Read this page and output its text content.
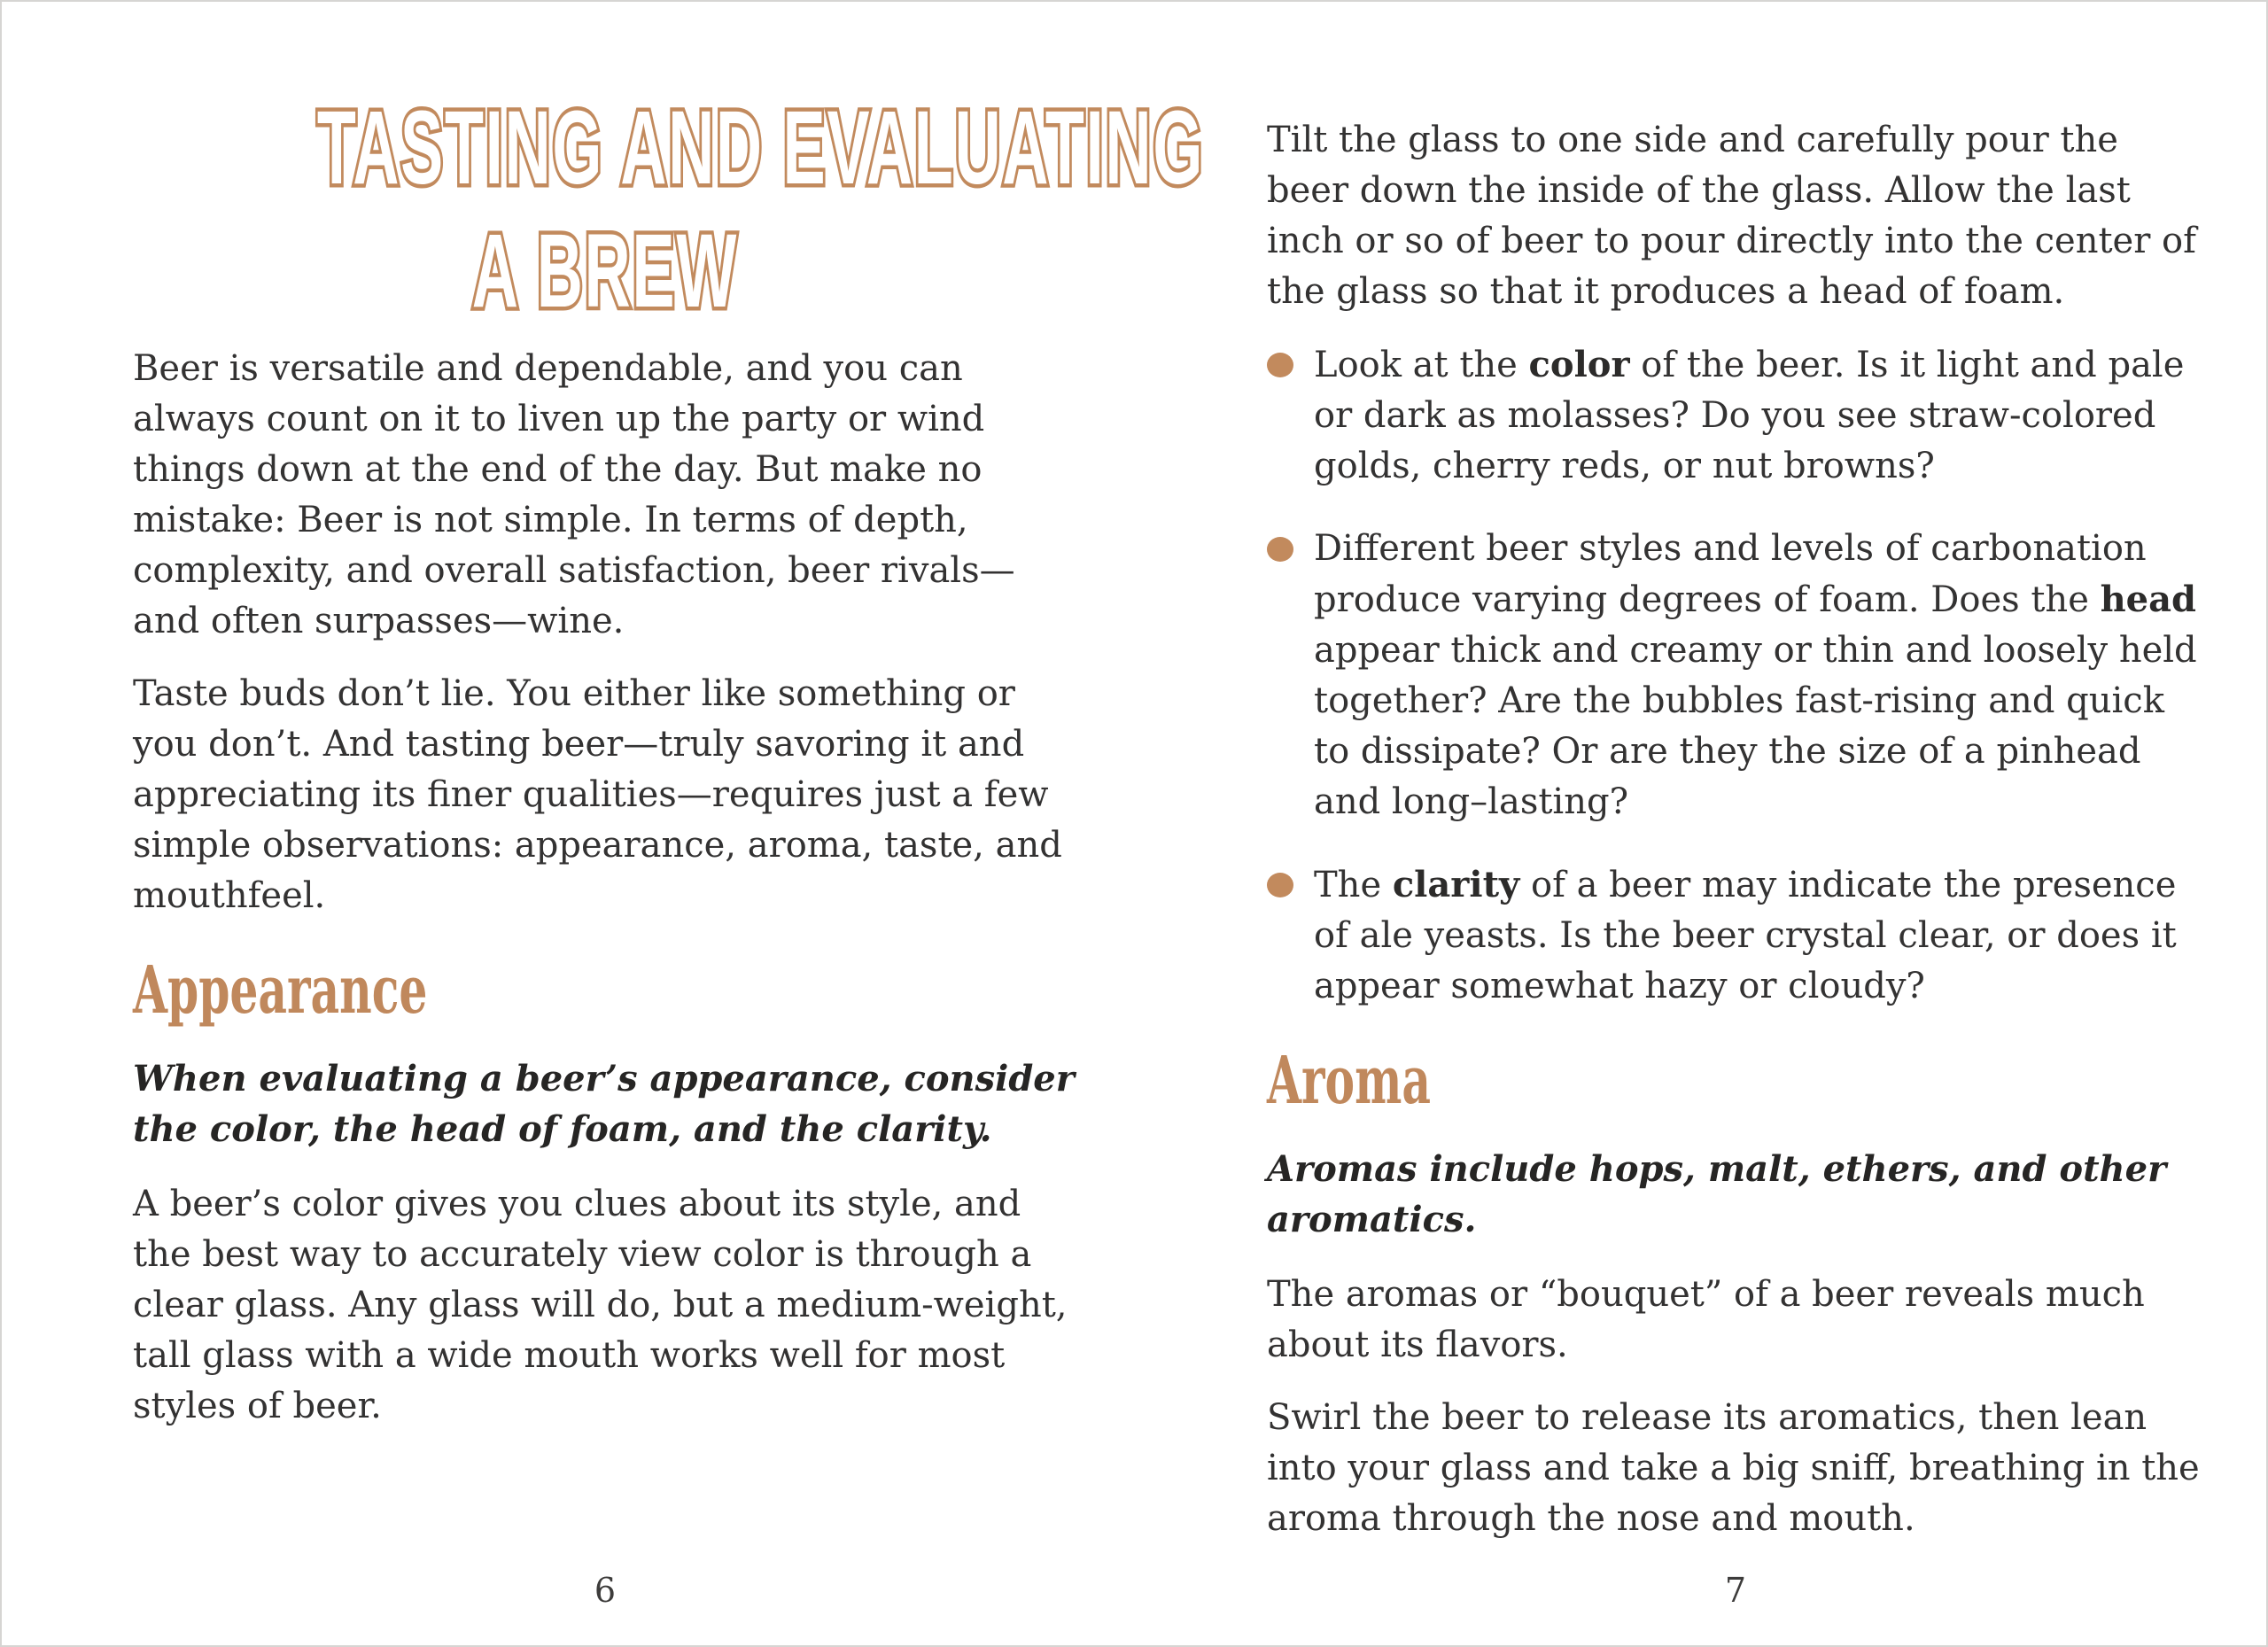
TASTING AND EVALUATING
A BREW

Beer is versatile and dependable, and you can always count on it to liven up the party or wind things down at the end of the day. But make no mistake: Beer is not simple. In terms of depth, complexity, and overall satisfaction, beer rivals—and often surpasses—wine.

Taste buds don’t lie. You either like something or you don’t. And tasting beer—truly savoring it and appreciating its finer qualities—requires just a few simple observations: appearance, aroma, taste, and mouthfeel.

Appearance

When evaluating a beer’s appearance, consider the color, the head of foam, and the clarity.

A beer’s color gives you clues about its style, and the best way to accurately view color is through a clear glass. Any glass will do, but a medium-weight, tall glass with a wide mouth works well for most styles of beer.

6

Tilt the glass to one side and carefully pour the beer down the inside of the glass. Allow the last inch or so of beer to pour directly into the center of the glass so that it produces a head of foam.

Look at the color of the beer. Is it light and pale or dark as molasses? Do you see straw-colored golds, cherry reds, or nut browns?
Different beer styles and levels of carbonation produce varying degrees of foam. Does the head appear thick and creamy or thin and loosely held together? Are the bubbles fast-rising and quick to dissipate? Or are they the size of a pinhead and long–lasting?
The clarity of a beer may indicate the presence of ale yeasts. Is the beer crystal clear, or does it appear somewhat hazy or cloudy?
Aroma

Aromas include hops, malt, ethers, and other aromatics.

The aromas or “bouquet” of a beer reveals much about its flavors.

Swirl the beer to release its aromatics, then lean into your glass and take a big sniff, breathing in the aroma through the nose and mouth.

7
